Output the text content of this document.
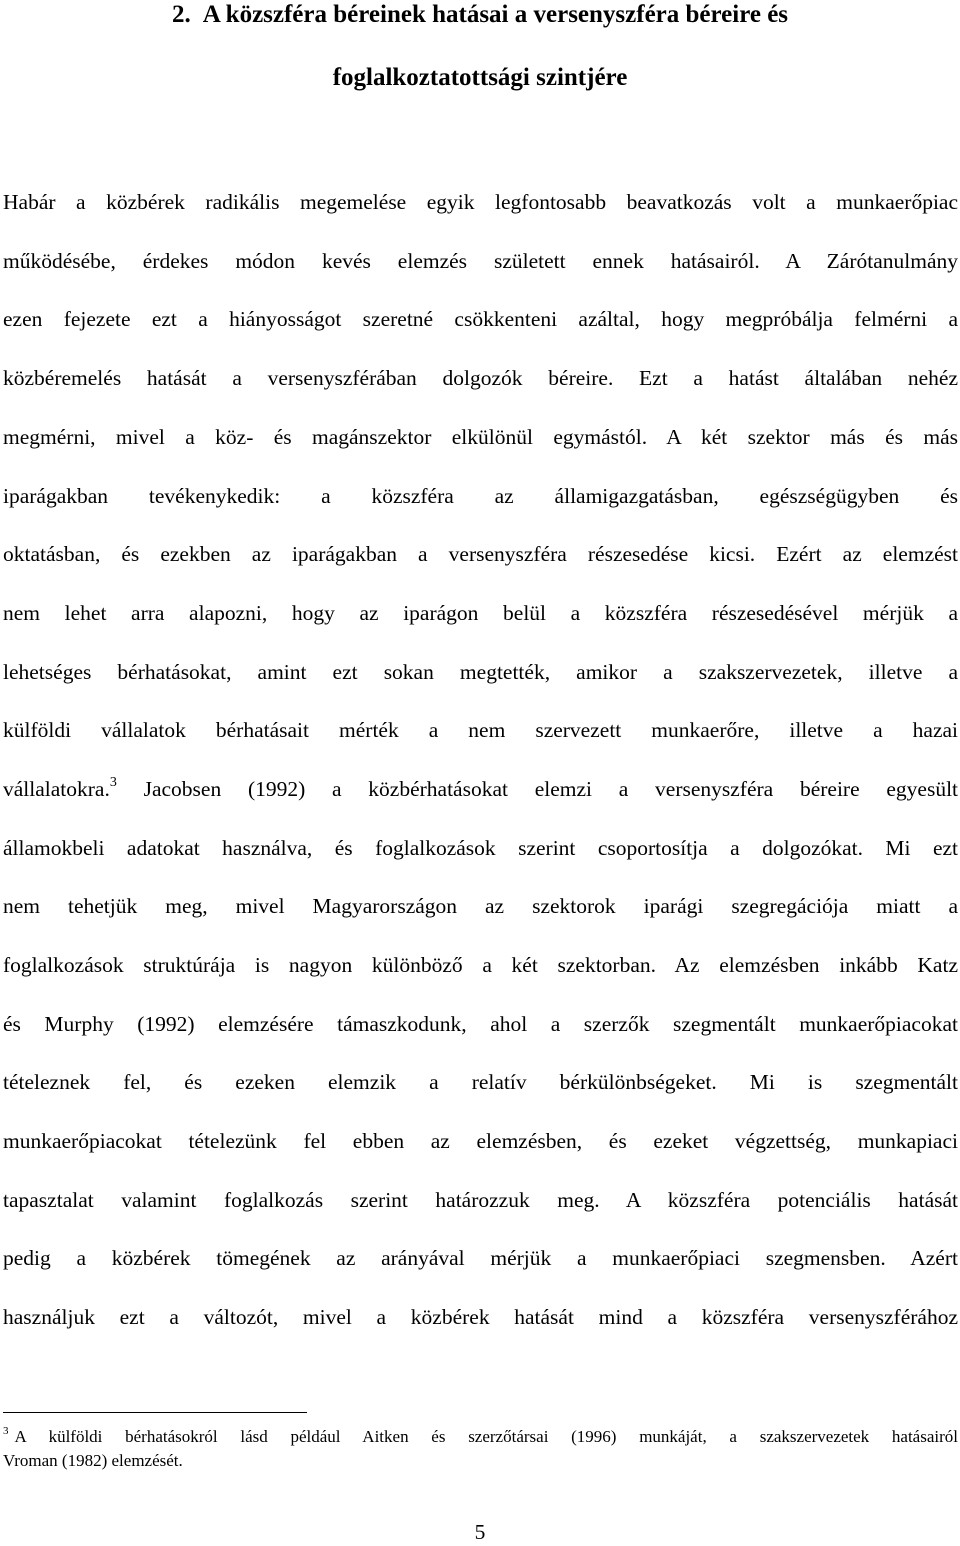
2. A közszféra béreinek hatásai a versenyszféra béreire és
foglalkoztatottsági szintjére
Habár a közbérek radikális megemelése egyik legfontosabb beavatkozás volt a munkaerőpiac
működésébe, érdekes módon kevés elemzés született ennek hatásairól. A Zárótanulmány
ezen fejezete ezt a hiányosságot szeretné csökkenteni azáltal, hogy megpróbálja felmérni a
közbéremelés hatását a versenyszférában dolgozók béreire. Ezt a hatást általában nehéz
megmérni, mivel a köz- és magánszektor elkülönül egymástól. A két szektor más és más
iparágakban tevékenykedik: a közszféra az államigazgatásban, egészségügyben és
oktatásban, és ezekben az iparágakban a versenyszféra részesedése kicsi. Ezért az elemzést
nem lehet arra alapozni, hogy az iparágon belül a közszféra részesedésével mérjük a
lehetséges bérhatásokat, amint ezt sokan megtették, amikor a szakszervezetek, illetve a
külföldi vállalatok bérhatásait mérték a nem szervezett munkaerőre, illetve a hazai
vállalatokra.$^3$ Jacobsen (1992) a közbérhatásokat elemzi a versenyszféra béreire egyesült
államokbeli adatokat használva, és foglalkozások szerint csoportosítja a dolgozókat. Mi ezt
nem tehetjük meg, mivel Magyarországon az szektorok iparági szegregációja miatt a
foglalkozások struktúrája is nagyon különböző a két szektorban. Az elemzésben inkább Katz
és Murphy (1992) elemzésére támaszkodunk, ahol a szerzők szegmentált munkaerőpiacokat
tételeznek fel, és ezeken elemzik a relatív bérkülönbségeket. Mi is szegmentált
munkaerőpiacokat tételezünk fel ebben az elemzésben, és ezeket végzettség, munkapiaci
tapasztalat valamint foglalkozás szerint határozzuk meg. A közszféra potenciális hatását
pedig a közbérek tömegének az arányával mérjük a munkaerőpiaci szegmensben. Azért
használjuk ezt a változót, mivel a közbérek hatását mind a közszféra versenyszférához
$^3$ A külföldi bérhatásokról lásd például Aitken és szerzőtársai (1996) munkáját, a szakszervezetek hatásairól
Vroman (1982) elemzését.
5
